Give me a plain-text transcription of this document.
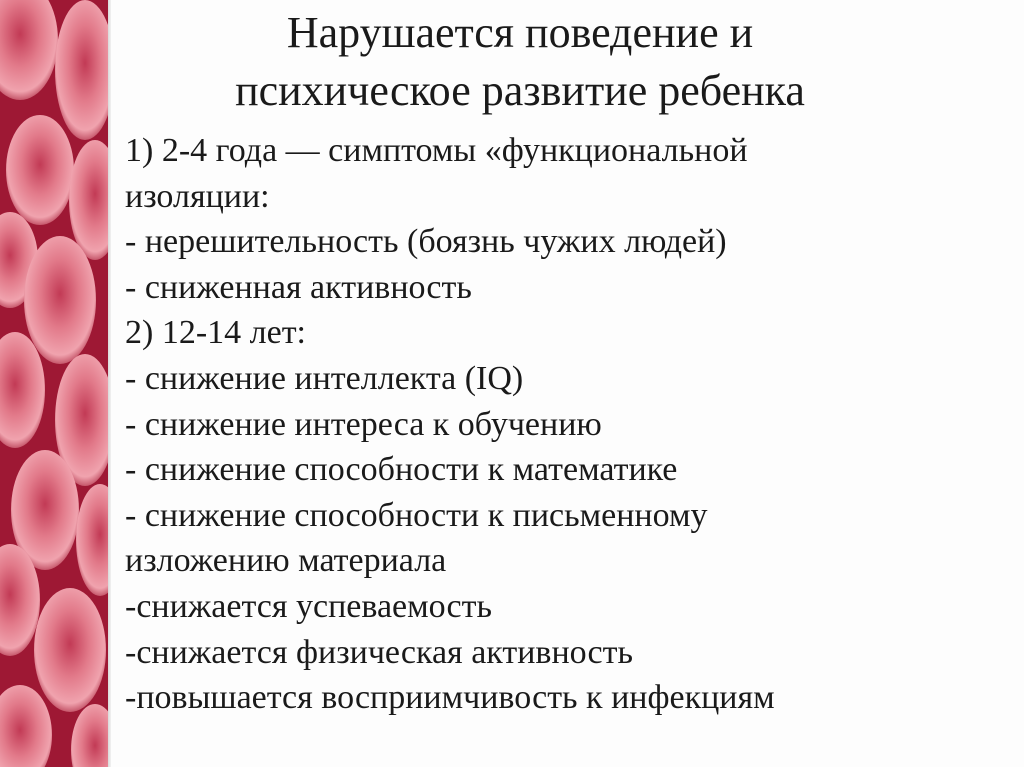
Нарушается поведение и
психическое развитие ребенка
1) 2-4 года — симптомы «функциональной
изоляции:
- нерешительность (боязнь чужих людей)
- сниженная активность
2) 12-14 лет:
- снижение интеллекта (IQ)
- снижение интереса к обучению
- снижение способности к математике
- снижение способности к письменному
изложению материала
-снижается успеваемость
-снижается физическая активность
-повышается восприимчивость к инфекциям
